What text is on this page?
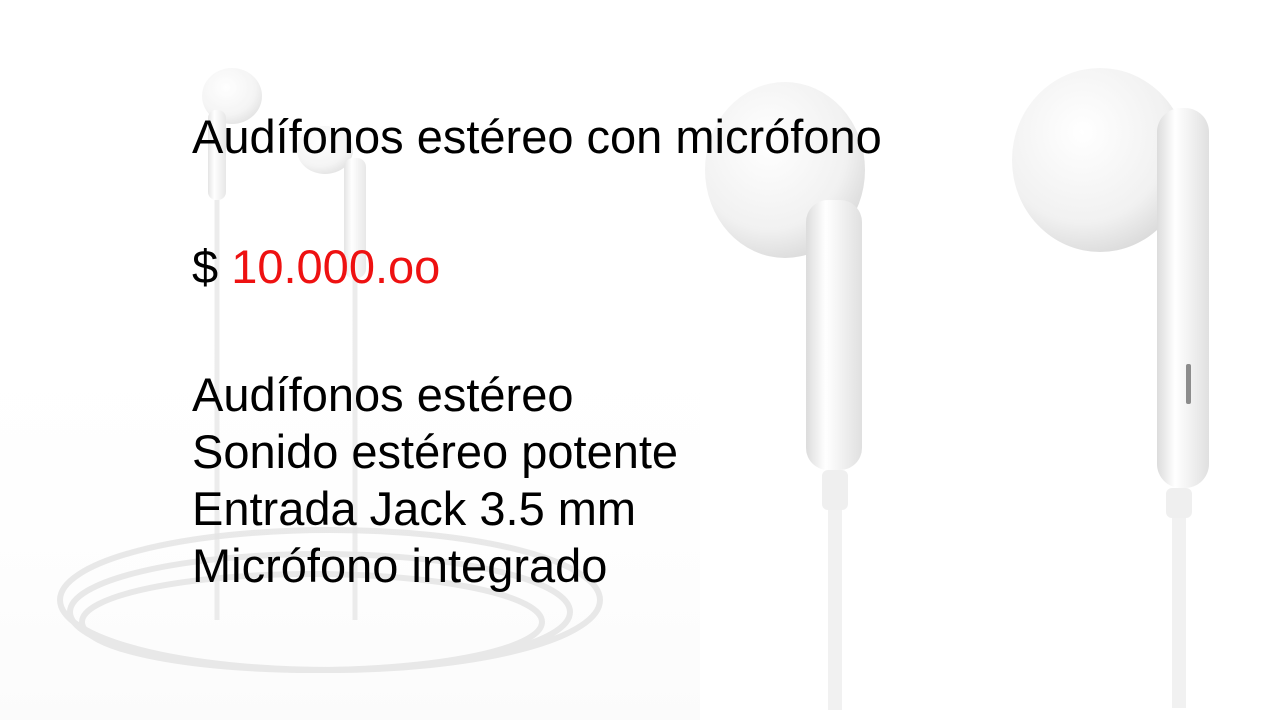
Audífonos estéreo con micrófono
$ 10.000.oo
Audífonos estéreo
Sonido estéreo potente
Entrada Jack 3.5 mm
Micrófono integrado
